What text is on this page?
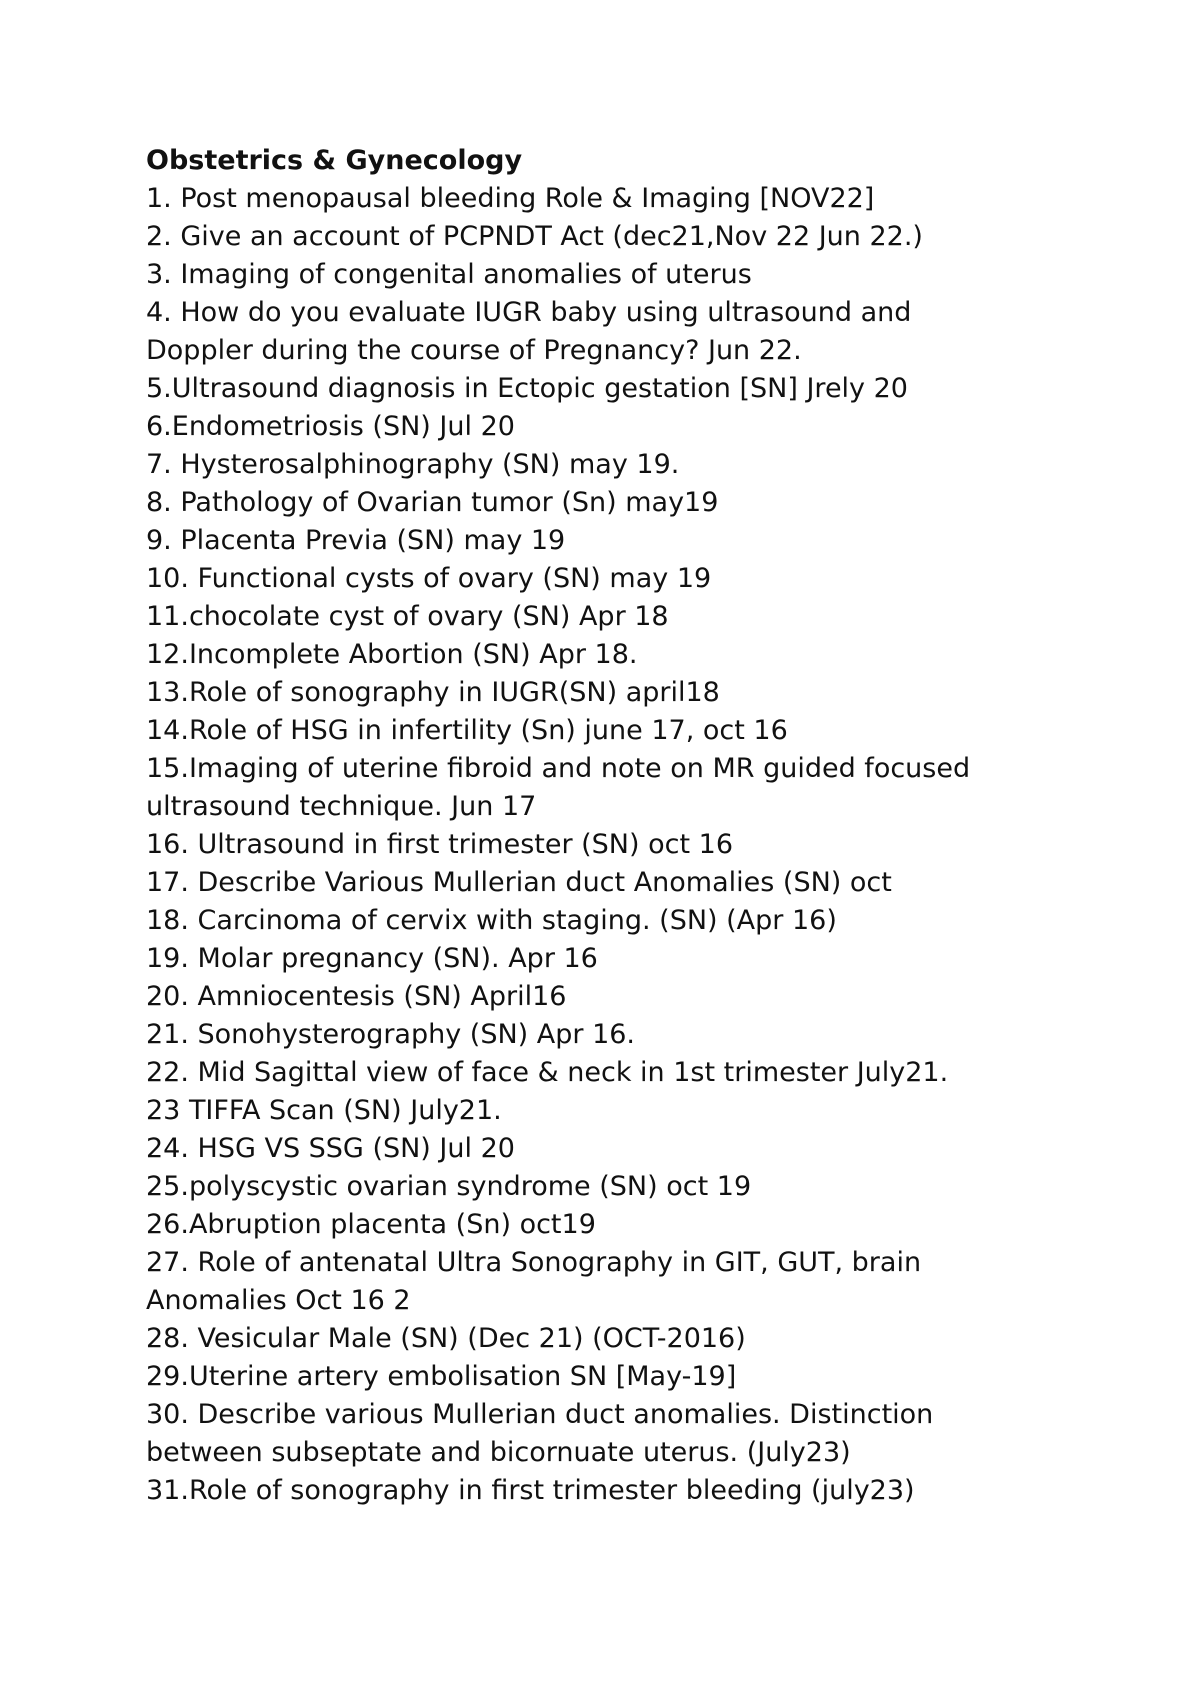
Obstetrics & Gynecology

1. Post menopausal bleeding Role & Imaging [NOV22]

2. Give an account of PCPNDT Act (dec21,Nov 22 Jun 22.)

3. Imaging of congenital anomalies of uterus

4. How do you evaluate IUGR baby using ultrasound and

Doppler during the course of Pregnancy? Jun 22.

5.Ultrasound diagnosis in Ectopic gestation [SN] Jrely 20

6.Endometriosis (SN) Jul 20

7. Hysterosalphinography (SN) may 19.

8. Pathology of Ovarian tumor (Sn) may19

9. Placenta Previa (SN) may 19

10. Functional cysts of ovary (SN) may 19

11.chocolate cyst of ovary (SN) Apr 18

12.Incomplete Abortion (SN) Apr 18.

13.Role of sonography in IUGR(SN) april18

14.Role of HSG in infertility (Sn) june 17, oct 16

15.Imaging of uterine fibroid and note on MR guided focused

ultrasound technique. Jun 17

16. Ultrasound in first trimester (SN) oct 16

17. Describe Various Mullerian duct Anomalies (SN) oct

18. Carcinoma of cervix with staging. (SN) (Apr 16)

19. Molar pregnancy (SN). Apr 16

20. Amniocentesis (SN) April16

21. Sonohysterography (SN) Apr 16.

22. Mid Sagittal view of face & neck in 1st trimester July21.

23 TIFFA Scan (SN) July21.

24. HSG VS SSG (SN) Jul 20

25.polyscystic ovarian syndrome (SN) oct 19

26.Abruption placenta (Sn) oct19

27. Role of antenatal Ultra Sonography in GIT, GUT, brain

Anomalies Oct 16 2

28. Vesicular Male (SN) (Dec 21) (OCT-2016)

29.Uterine artery embolisation SN [May-19]

30. Describe various Mullerian duct anomalies. Distinction

between subseptate and bicornuate uterus. (July23)

31.Role of sonography in first trimester bleeding (july23)
